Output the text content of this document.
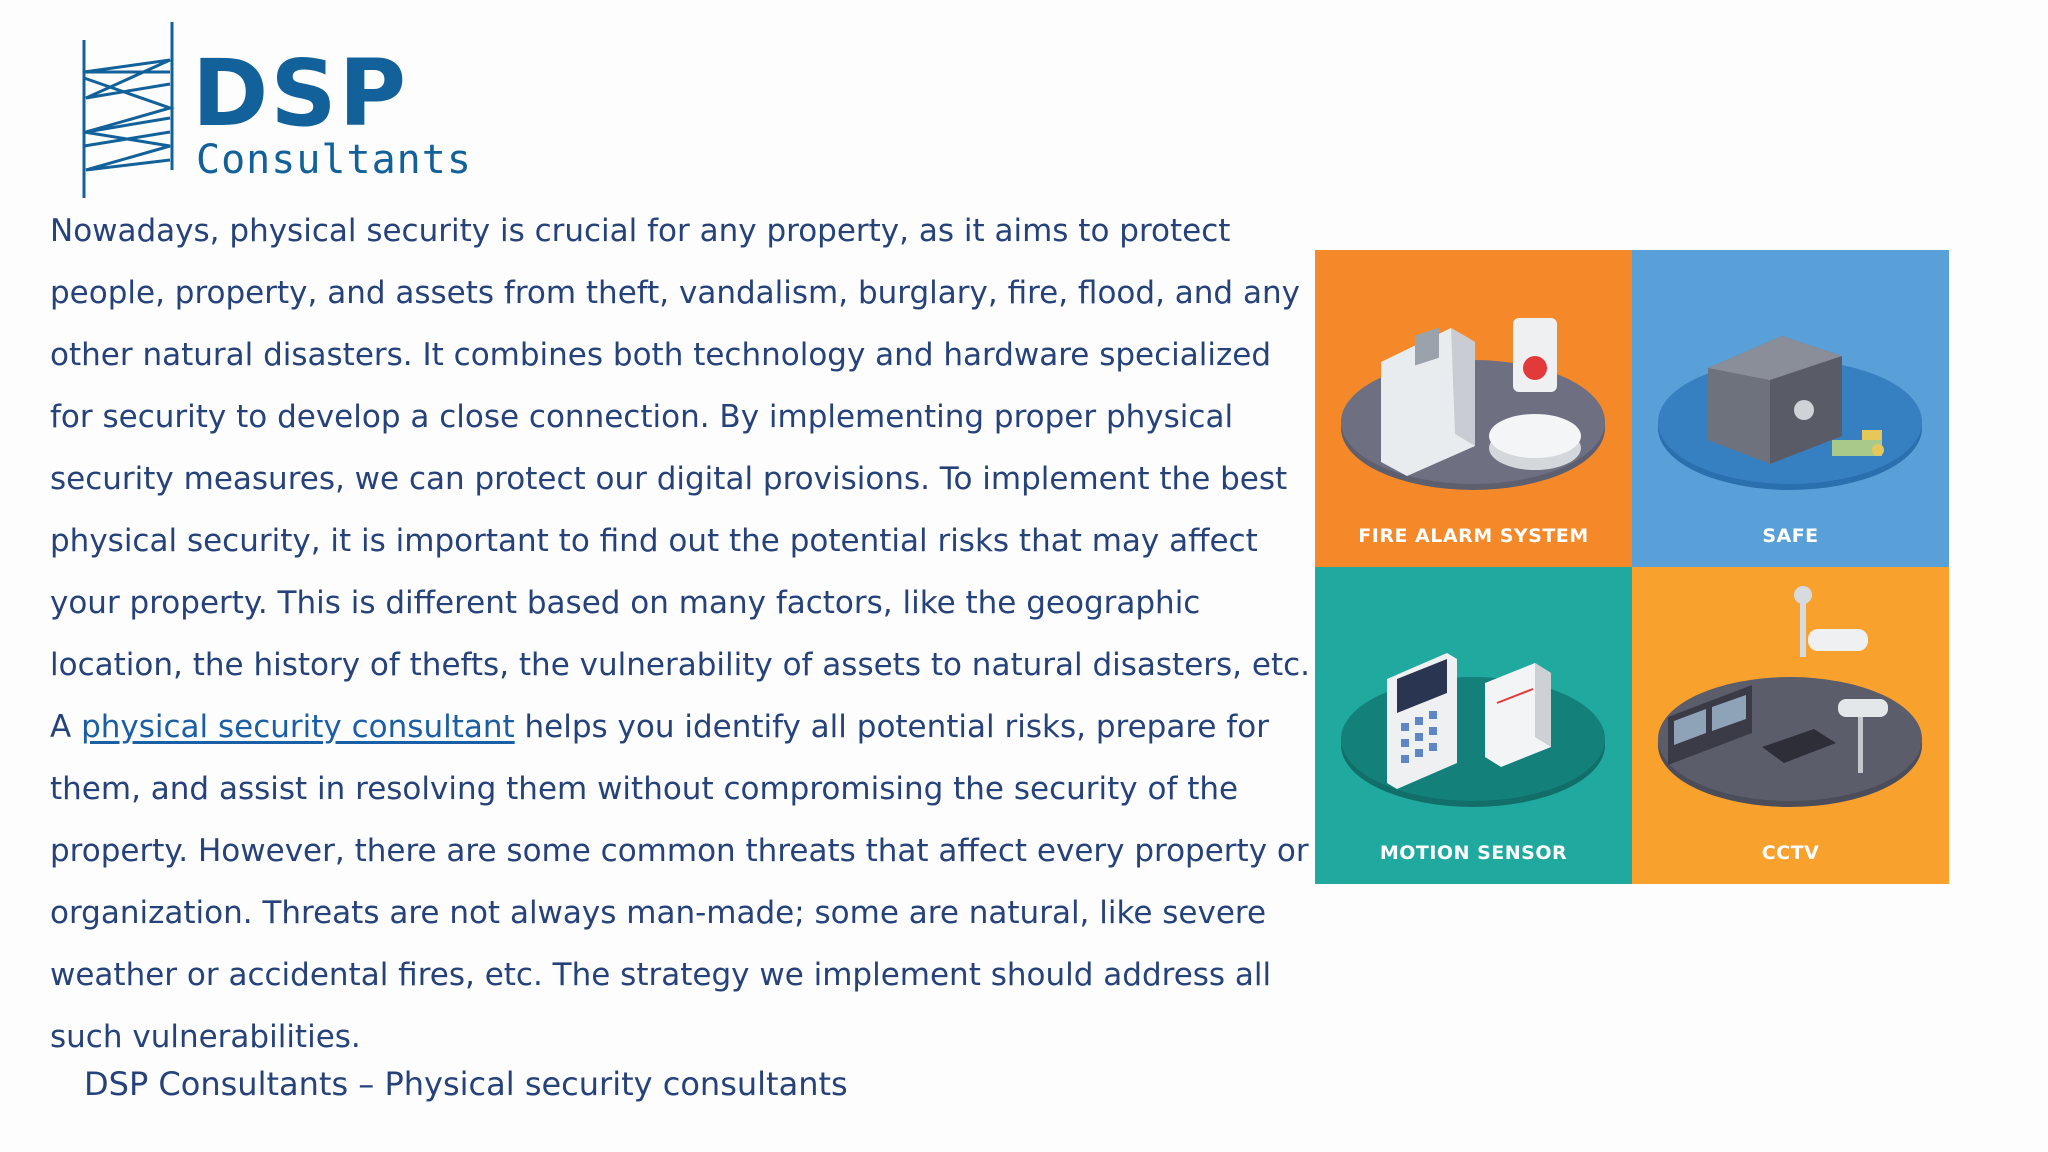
DSP
Consultants
Nowadays, physical security is crucial for any property, as it aims to protect people, property, and assets from theft, vandalism, burglary, fire, flood, and any other natural disasters. It combines both technology and hardware specialized for security to develop a close connection. By implementing proper physical security measures, we can protect our digital provisions. To implement the best physical security, it is important to find out the potential risks that may affect your property. This is different based on many factors, like the geographic location, the history of thefts, the vulnerability of assets to natural disasters, etc. A physical security consultant helps you identify all potential risks, prepare for them, and assist in resolving them without compromising the security of the property. However, there are some common threats that affect every property or organization. Threats are not always man-made; some are natural, like severe weather or accidental fires, etc. The strategy we implement should address all such vulnerabilities.
DSP Consultants – Physical security consultants
FIRE ALARM SYSTEM	SAFE
MOTION SENSOR	CCTV
